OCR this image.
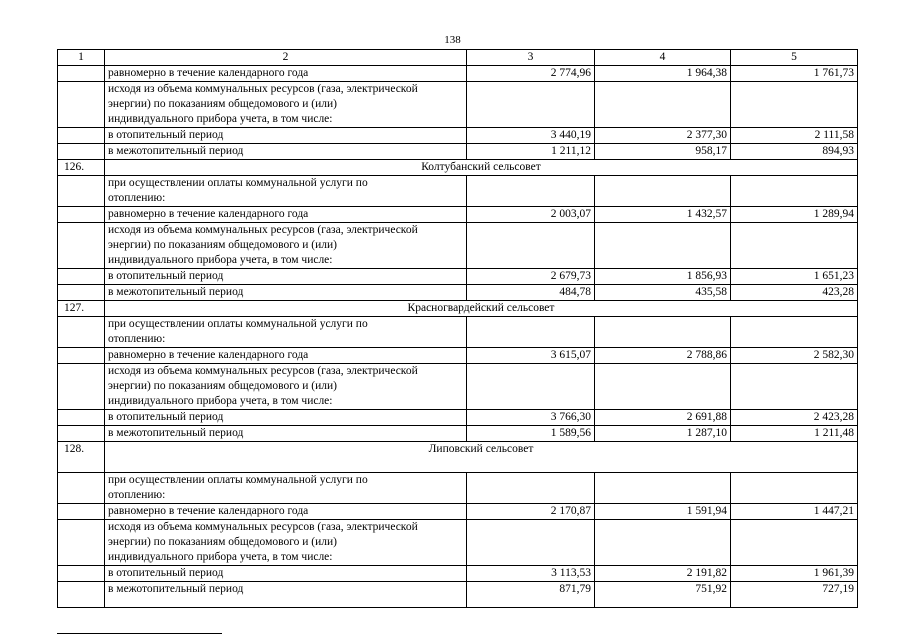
138
1	2	3	4	5
	равномерно в течение календарного года	2 774,96	1 964,38	1 761,73

	исходя из объема коммунальных ресурсов (газа, электрической
энергии) по показаниям общедомового и (или)
индивидуального прибора учета, в том числе:			

	в отопительный период	3 440,19	2 377,30	2 111,58
	в межотопительный период	1 211,12	958,17	894,93
126.	Колтубанский сельсовет			

	при осуществлении оплаты коммунальной услуги по
отоплению:			

	равномерно в течение календарного года	2 003,07	1 432,57	1 289,94

	исходя из объема коммунальных ресурсов (газа, электрической
энергии) по показаниям общедомового и (или)
индивидуального прибора учета, в том числе:			

	в отопительный период	2 679,73	1 856,93	1 651,23
	в межотопительный период	484,78	435,58	423,28
127.	Красногвардейский сельсовет			

	при осуществлении оплаты коммунальной услуги по
отоплению:			

	равномерно в течение календарного года	3 615,07	2 788,86	2 582,30

	исходя из объема коммунальных ресурсов (газа, электрической
энергии) по показаниям общедомового и (или)
индивидуального прибора учета, в том числе:			

	в отопительный период	3 766,30	2 691,88	2 423,28
	в межотопительный период	1 589,56	1 287,10	1 211,48
128.	Липовский сельсовет			

	при осуществлении оплаты коммунальной услуги по
отоплению:			

	равномерно в течение календарного года	2 170,87	1 591,94	1 447,21

	исходя из объема коммунальных ресурсов (газа, электрической
энергии) по показаниям общедомового и (или)
индивидуального прибора учета, в том числе:			

	в отопительный период	3 113,53	2 191,82	1 961,39
	в межотопительный период	871,79	751,92	727,19
